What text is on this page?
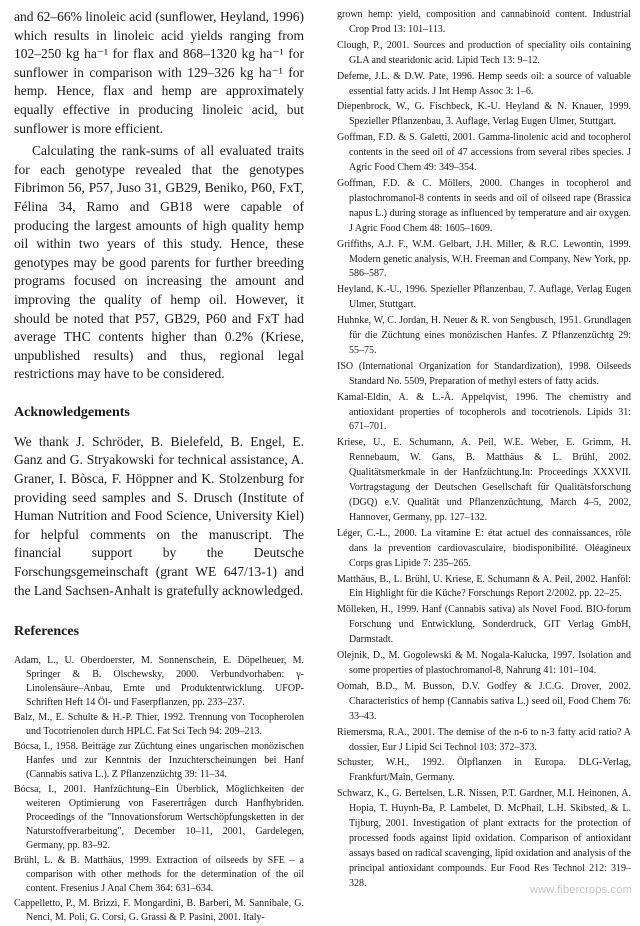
and 62–66% linoleic acid (sunflower, Heyland, 1996) which results in linoleic acid yields ranging from 102–250 kg ha⁻¹ for flax and 868–1320 kg ha⁻¹ for sunflower in comparison with 129–326 kg ha⁻¹ for hemp. Hence, flax and hemp are approximately equally effective in producing linoleic acid, but sunflower is more efficient.

Calculating the rank-sums of all evaluated traits for each genotype revealed that the genotypes Fibrimon 56, P57, Juso 31, GB29, Beniko, P60, FxT, Félina 34, Ramo and GB18 were capable of producing the largest amounts of high quality hemp oil within two years of this study. Hence, these genotypes may be good parents for further breeding programs focused on increasing the amount and improving the quality of hemp oil. However, it should be noted that P57, GB29, P60 and FxT had average THC contents higher than 0.2% (Kriese, unpublished results) and thus, regional legal restrictions may have to be considered.

Acknowledgements

We thank J. Schröder, B. Bielefeld, B. Engel, E. Ganz and G. Stryakowski for technical assistance, A. Graner, I. Bòsca, F. Höppner and K. Stolzenburg for providing seed samples and S. Drusch (Institute of Human Nutrition and Food Science, University Kiel) for helpful comments on the manuscript. The financial support by the Deutsche Forschungsgemeinschaft (grant WE 647/13-1) and the Land Sachsen-Anhalt is gratefully acknowledged.

References

Adam, L., U. Oberdoerster, M. Sonnenschein, E. Döpelheuer, M. Springer & B. Olschewsky, 2000. Verbundvorhaben: γ-Linolensäure–Anbau, Ernte und Produktentwicklung. UFOP-Schriften Heft 14 Öl- und Faserpflanzen, pp. 233–237.

Balz, M., E. Schulte & H.-P. Thier, 1992. Trennung von Tocopherolen und Tocotrienolen durch HPLC. Fat Sci Tech 94: 209–213.

Bócsa, I., 1958. Beiträge zur Züchtung eines ungarischen monözischen Hanfes und zur Kenntnis der Inzuchterscheinungen bei Hanf (Cannabis sativa L.). Z Pflanzenzüchtg 39: 11–34.

Bócsa, I., 2001. Hanfzüchtung–Ein Überblick, Möglichkeiten der weiteren Optimierung von Faserertrågen durch Hanfhybriden. Proceedings of the "Innovationsforum Wertschöpfungsketten in der Naturstoffverarbeitung", December 10–11, 2001, Gardelegen, Germany, pp. 83–92.

Brühl, L. & B. Matthäus, 1999. Extraction of oilseeds by SFE – a comparison with other methods for the determination of the oil content. Fresenius J Anal Chem 364: 631–634.

Cappelletto, P., M. Brizzi, F. Mongardini, B. Barberi, M. Sannibale, G. Nenci, M. Poli, G. Corsi, G. Grassi & P. Pasini, 2001. Italy-

grown hemp: yield, composition and cannabinoid content. Industrial Crop Prod 13: 101–113.

Clough, P., 2001. Sources and production of speciality oils containing GLA and stearidonic acid. Lipid Tech 13: 9–12.

Defeme, J.L. & D.W. Pate, 1996. Hemp seeds oil: a source of valuable essential fatty acids. J Int Hemp Assoc 3: 1–6.

Diepenbrock, W., G. Fischbeck, K.-U. Heyland & N. Knauer, 1999. Spezieller Pflanzenbau, 3. Auflage, Verlag Eugen Ulmer, Stuttgart.

Goffman, F.D. & S. Galetti, 2001. Gamma-linolenic acid and tocopherol contents in the seed oil of 47 accessions from several ribes species. J Agric Food Chem 49: 349–354.

Goffman, F.D. & C. Möllers, 2000. Changes in tocopherol and plastochromanol-8 contents in seeds and oil of oilseed rape (Brassica napus L.) during storage as influenced by temperature and air oxygen. J Agric Food Chem 48: 1605–1609.

Griffiths, A.J. F., W.M. Gelbart, J.H. Miller, & R.C. Lewontin, 1999. Modern genetic analysis, W.H. Freeman and Company, New York, pp. 586–587.

Heyland, K.-U., 1996. Spezieller Pflanzenbau, 7. Auflage, Verlag Eugen Ulmer, Stuttgart.

Huhnke, W, C. Jordan, H. Neuer & R. von Sengbusch, 1951. Grundlagen für die Züchtung eines monözischen Hanfes. Z Pflanzenzüchtg 29: 55–75.

ISO (International Organization for Standardization), 1998. Oilseeds Standard No. 5509, Preparation of methyl esters of fatty acids.

Kamal-Eldin, A. & L.-Å. Appelqvist, 1996. The chemistry and antioxidant properties of tocopherols and tocotrienols. Lipids 31: 671–701.

Kriese, U., E. Schumann, A. Peil, W.E. Weber, E. Grimm, H. Rennebaum, W. Gans, B. Matthäus & L. Brühl, 2002. Qualitätsmerkmale in der Hanfzüchtung.In: Proceedings XXXVII. Vortragstagung der Deutschen Gesellschaft für Qualitätsforschung (DGQ) e.V. Qualität und Pflanzenzüchtung, March 4–5, 2002, Hannover, Germany, pp. 127–132.

Léger, C.-L., 2000. La vitamine E: état actuel des connaissances, rôle dans la prevention cardiovasculaire, biodisponibilité. Oléagineux Corps gras Lipide 7: 235–265.

Matthäus, B., L. Brühl, U. Kriese, E. Schumann & A. Peil, 2002. Hanföl: Ein Highlight für die Küche? Forschungs Report 2/2002. pp. 22–25.

Mölleken, H., 1999. Hanf (Cannabis sativa) als Novel Food. BIO-forum Forschung und Entwicklung, Sonderdruck, GIT Verlag GmbH, Darmstadt.

Olejnik, D., M. Gogolewski & M. Nogala-Kalucka, 1997. Isolation and some properties of plastochromanol-8, Nahrung 41: 101–104.

Oomah, B.D., M. Busson, D.V. Godfey & J.C.G. Drover, 2002. Characteristics of hemp (Cannabis sativa L.) seed oil, Food Chem 76: 33–43.

Riemersma, R.A., 2001. The demise of the n-6 to n-3 fatty acid ratio? A dossier, Eur J Lipid Sci Technol 103: 372–373.

Schuster, W.H., 1992. Ölpflanzen in Europa. DLG-Verlag, Frankfurt/Main, Germany.

Schwarz, K., G. Bertelsen, L.R. Nissen, P.T. Gardner, M.I. Heinonen, A. Hopia, T. Huynh-Ba, P. Lambelet, D. McPhail, L.H. Skibsted, & L. Tijburg, 2001. Investigation of plant extracts for the protection of processed foods against lipid oxidation. Comparison of antioxidant assays based on radical scavenging, lipid oxidation and analysis of the principal antioxidant compounds. Eur Food Res Technol 212: 319–328.

www.fibercrops.com
